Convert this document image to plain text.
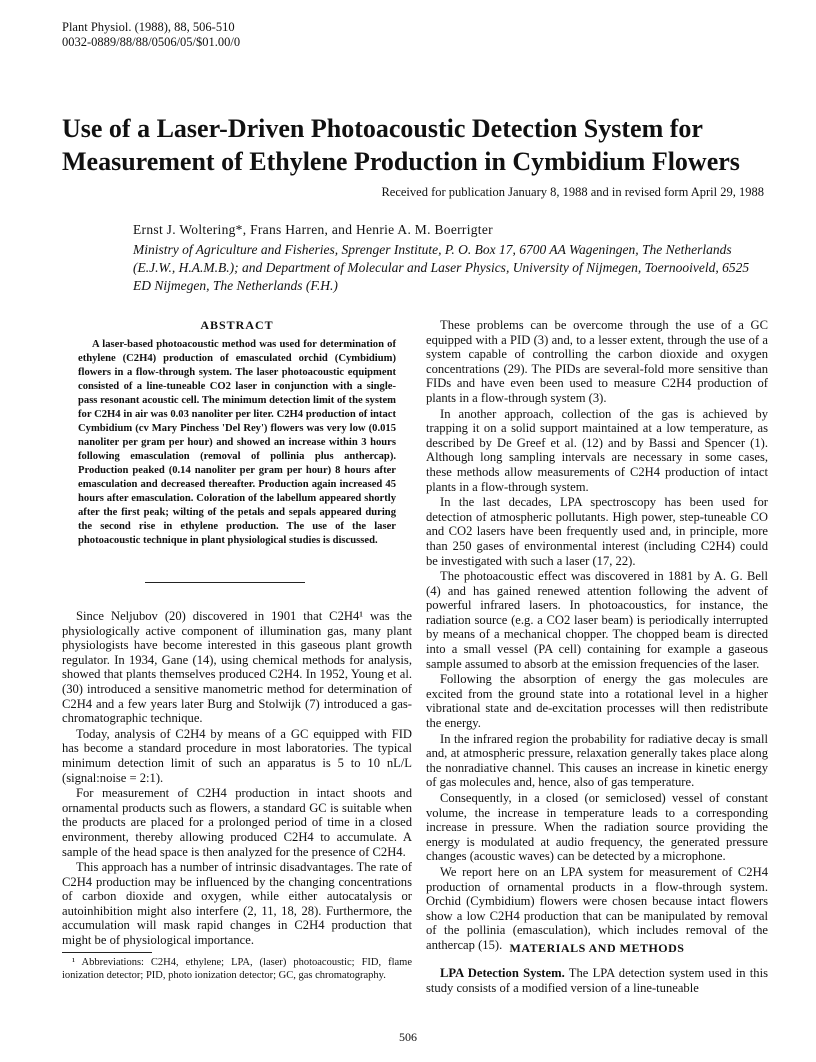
Plant Physiol. (1988), 88, 506-510
0032-0889/88/88/0506/05/$01.00/0
Use of a Laser-Driven Photoacoustic Detection System for Measurement of Ethylene Production in Cymbidium Flowers
Received for publication January 8, 1988 and in revised form April 29, 1988
Ernst J. Woltering*, Frans Harren, and Henrie A. M. Boerrigter
Ministry of Agriculture and Fisheries, Sprenger Institute, P. O. Box 17, 6700 AA Wageningen, The Netherlands (E.J.W., H.A.M.B.); and Department of Molecular and Laser Physics, University of Nijmegen, Toernooiveld, 6525 ED Nijmegen, The Netherlands (F.H.)
ABSTRACT
A laser-based photoacoustic method was used for determination of ethylene (C2H4) production of emasculated orchid (Cymbidium) flowers in a flow-through system. The laser photoacoustic equipment consisted of a line-tuneable CO2 laser in conjunction with a single-pass resonant acoustic cell. The minimum detection limit of the system for C2H4 in air was 0.03 nanoliter per liter. C2H4 production of intact Cymbidium (cv Mary Pinchess 'Del Rey') flowers was very low (0.015 nanoliter per gram per hour) and showed an increase within 3 hours following emasculation (removal of pollinia plus anthercap). Production peaked (0.14 nanoliter per gram per hour) 8 hours after emasculation and decreased thereafter. Production again increased 45 hours after emasculation. Coloration of the labellum appeared shortly after the first peak; wilting of the petals and sepals appeared during the second rise in ethylene production. The use of the laser photoacoustic technique in plant physiological studies is discussed.

Since Neljubov (20) discovered in 1901 that C2H4¹ was the physiologically active component of illumination gas, many plant physiologists have become interested in this gaseous plant growth regulator. In 1934, Gane (14), using chemical methods for analysis, showed that plants themselves produced C2H4. In 1952, Young et al. (30) introduced a sensitive manometric method for determination of C2H4 and a few years later Burg and Stolwijk (7) introduced a gas-chromatographic technique.

Today, analysis of C2H4 by means of a GC equipped with FID has become a standard procedure in most laboratories. The typical minimum detection limit of such an apparatus is 5 to 10 nL/L (signal:noise = 2:1).

For measurement of C2H4 production in intact shoots and ornamental products such as flowers, a standard GC is suitable when the products are placed for a prolonged period of time in a closed environment, thereby allowing produced C2H4 to accumulate. A sample of the head space is then analyzed for the presence of C2H4.

This approach has a number of intrinsic disadvantages. The rate of C2H4 production may be influenced by the changing concentrations of carbon dioxide and oxygen, while either autocatalysis or autoinhibition might also interfere (2, 11, 18, 28). Furthermore, the accumulation will mask rapid changes in C2H4 production that might be of physiological importance.

¹ Abbreviations: C2H4, ethylene; LPA, (laser) photoacoustic; FID, flame ionization detector; PID, photo ionization detector; GC, gas chromatography.

These problems can be overcome through the use of a GC equipped with a PID (3) and, to a lesser extent, through the use of a system capable of controlling the carbon dioxide and oxygen concentrations (29). The PIDs are several-fold more sensitive than FIDs and have even been used to measure C2H4 production of plants in a flow-through system (3).

In another approach, collection of the gas is achieved by trapping it on a solid support maintained at a low temperature, as described by De Greef et al. (12) and by Bassi and Spencer (1). Although long sampling intervals are necessary in some cases, these methods allow measurements of C2H4 production of intact plants in a flow-through system.

In the last decades, LPA spectroscopy has been used for detection of atmospheric pollutants. High power, step-tuneable CO and CO2 lasers have been frequently used and, in principle, more than 250 gases of environmental interest (including C2H4) could be investigated with such a laser (17, 22).

The photoacoustic effect was discovered in 1881 by A. G. Bell (4) and has gained renewed attention following the advent of powerful infrared lasers. In photoacoustics, for instance, the radiation source (e.g. a CO2 laser beam) is periodically interrupted by means of a mechanical chopper. The chopped beam is directed into a small vessel (PA cell) containing for example a gaseous sample assumed to absorb at the emission frequencies of the laser.

Following the absorption of energy the gas molecules are excited from the ground state into a rotational level in a higher vibrational state and de-excitation processes will then redistribute the energy.

In the infrared region the probability for radiative decay is small and, at atmospheric pressure, relaxation generally takes place along the nonradiative channel. This causes an increase in kinetic energy of gas molecules and, hence, also of gas temperature.

Consequently, in a closed (or semiclosed) vessel of constant volume, the increase in temperature leads to a corresponding increase in pressure. When the radiation source providing the energy is modulated at audio frequency, the generated pressure changes (acoustic waves) can be detected by a microphone.

We report here on an LPA system for measurement of C2H4 production of ornamental products in a flow-through system. Orchid (Cymbidium) flowers were chosen because intact flowers show a low C2H4 production that can be manipulated by removal of the pollinia (emasculation), which includes removal of the anthercap (15). MATERIALS AND METHODS
LPA Detection System. The LPA detection system used in this study consists of a modified version of a line-tuneable
506
